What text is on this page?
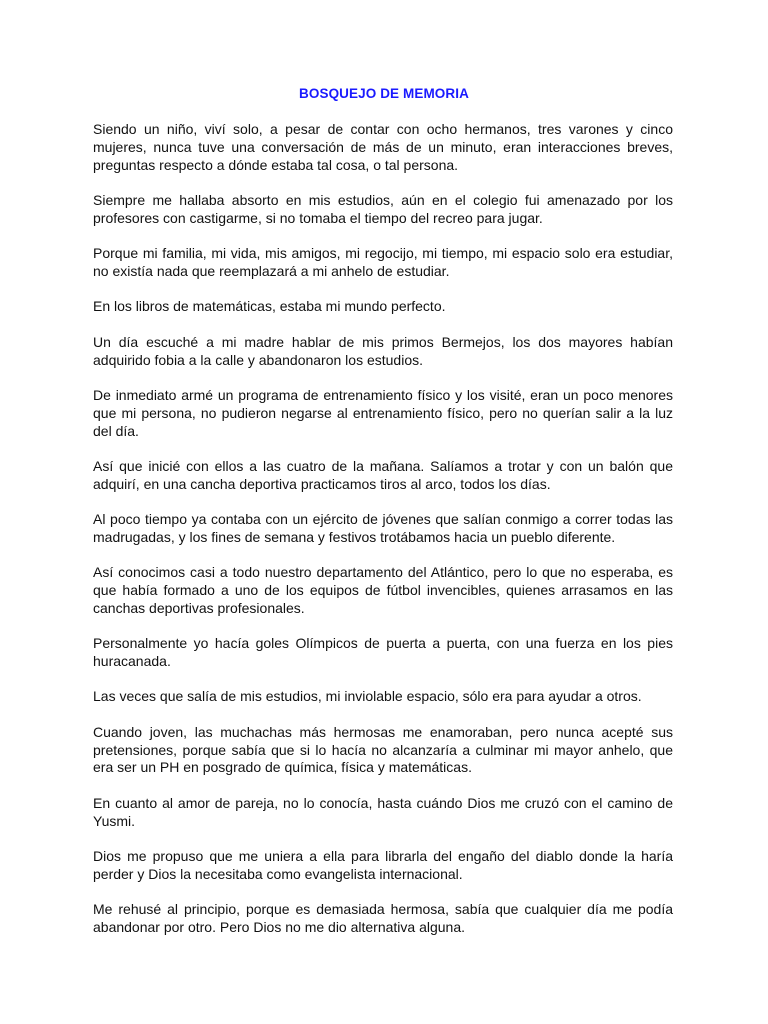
BOSQUEJO DE MEMORIA

Siendo un niño, viví solo, a pesar de contar con ocho hermanos, tres varones y cinco mujeres, nunca tuve una conversación de más de un minuto, eran interacciones breves, preguntas respecto a dónde estaba tal cosa, o tal persona.

Siempre me hallaba absorto en mis estudios, aún en el colegio fui amenazado por los profesores con castigarme, si no tomaba el tiempo del recreo para jugar.

Porque mi familia, mi vida, mis amigos, mi regocijo, mi tiempo, mi espacio solo era estudiar, no existía nada que reemplazará a mi anhelo de estudiar.

En los libros de matemáticas, estaba mi mundo perfecto.

Un día escuché a mi madre hablar de mis primos Bermejos, los dos mayores habían adquirido fobia a la calle y abandonaron los estudios.

De inmediato armé un programa de entrenamiento físico y los visité, eran un poco menores que mi persona, no pudieron negarse al entrenamiento físico, pero no querían salir a la luz del día.

Así que inicié con ellos a las cuatro de la mañana. Salíamos a trotar y con un balón que adquirí, en una cancha deportiva practicamos tiros al arco, todos los días.

Al poco tiempo ya contaba con un ejército de jóvenes que salían conmigo a correr todas las madrugadas, y los fines de semana y festivos trotábamos hacia un pueblo diferente.

Así conocimos casi a todo nuestro departamento del Atlántico, pero lo que no esperaba, es que había formado a uno de los equipos de fútbol invencibles, quienes arrasamos en las canchas deportivas profesionales.

Personalmente yo hacía goles Olímpicos de puerta a puerta, con una fuerza en los pies huracanada.

Las veces que salía de mis estudios, mi inviolable espacio, sólo era para ayudar a otros.

Cuando joven, las muchachas más hermosas me enamoraban, pero nunca acepté sus pretensiones, porque sabía que si lo hacía no alcanzaría a culminar mi mayor anhelo, que era ser un PH en posgrado de química, física y matemáticas.

En cuanto al amor de pareja, no lo conocía, hasta cuándo Dios me cruzó con el camino de Yusmi.

Dios me propuso que me uniera a ella para librarla del engaño del diablo donde la haría perder y Dios la necesitaba como evangelista internacional.

Me rehusé al principio, porque es demasiada hermosa, sabía que cualquier día me podía abandonar por otro. Pero Dios no me dio alternativa alguna.
